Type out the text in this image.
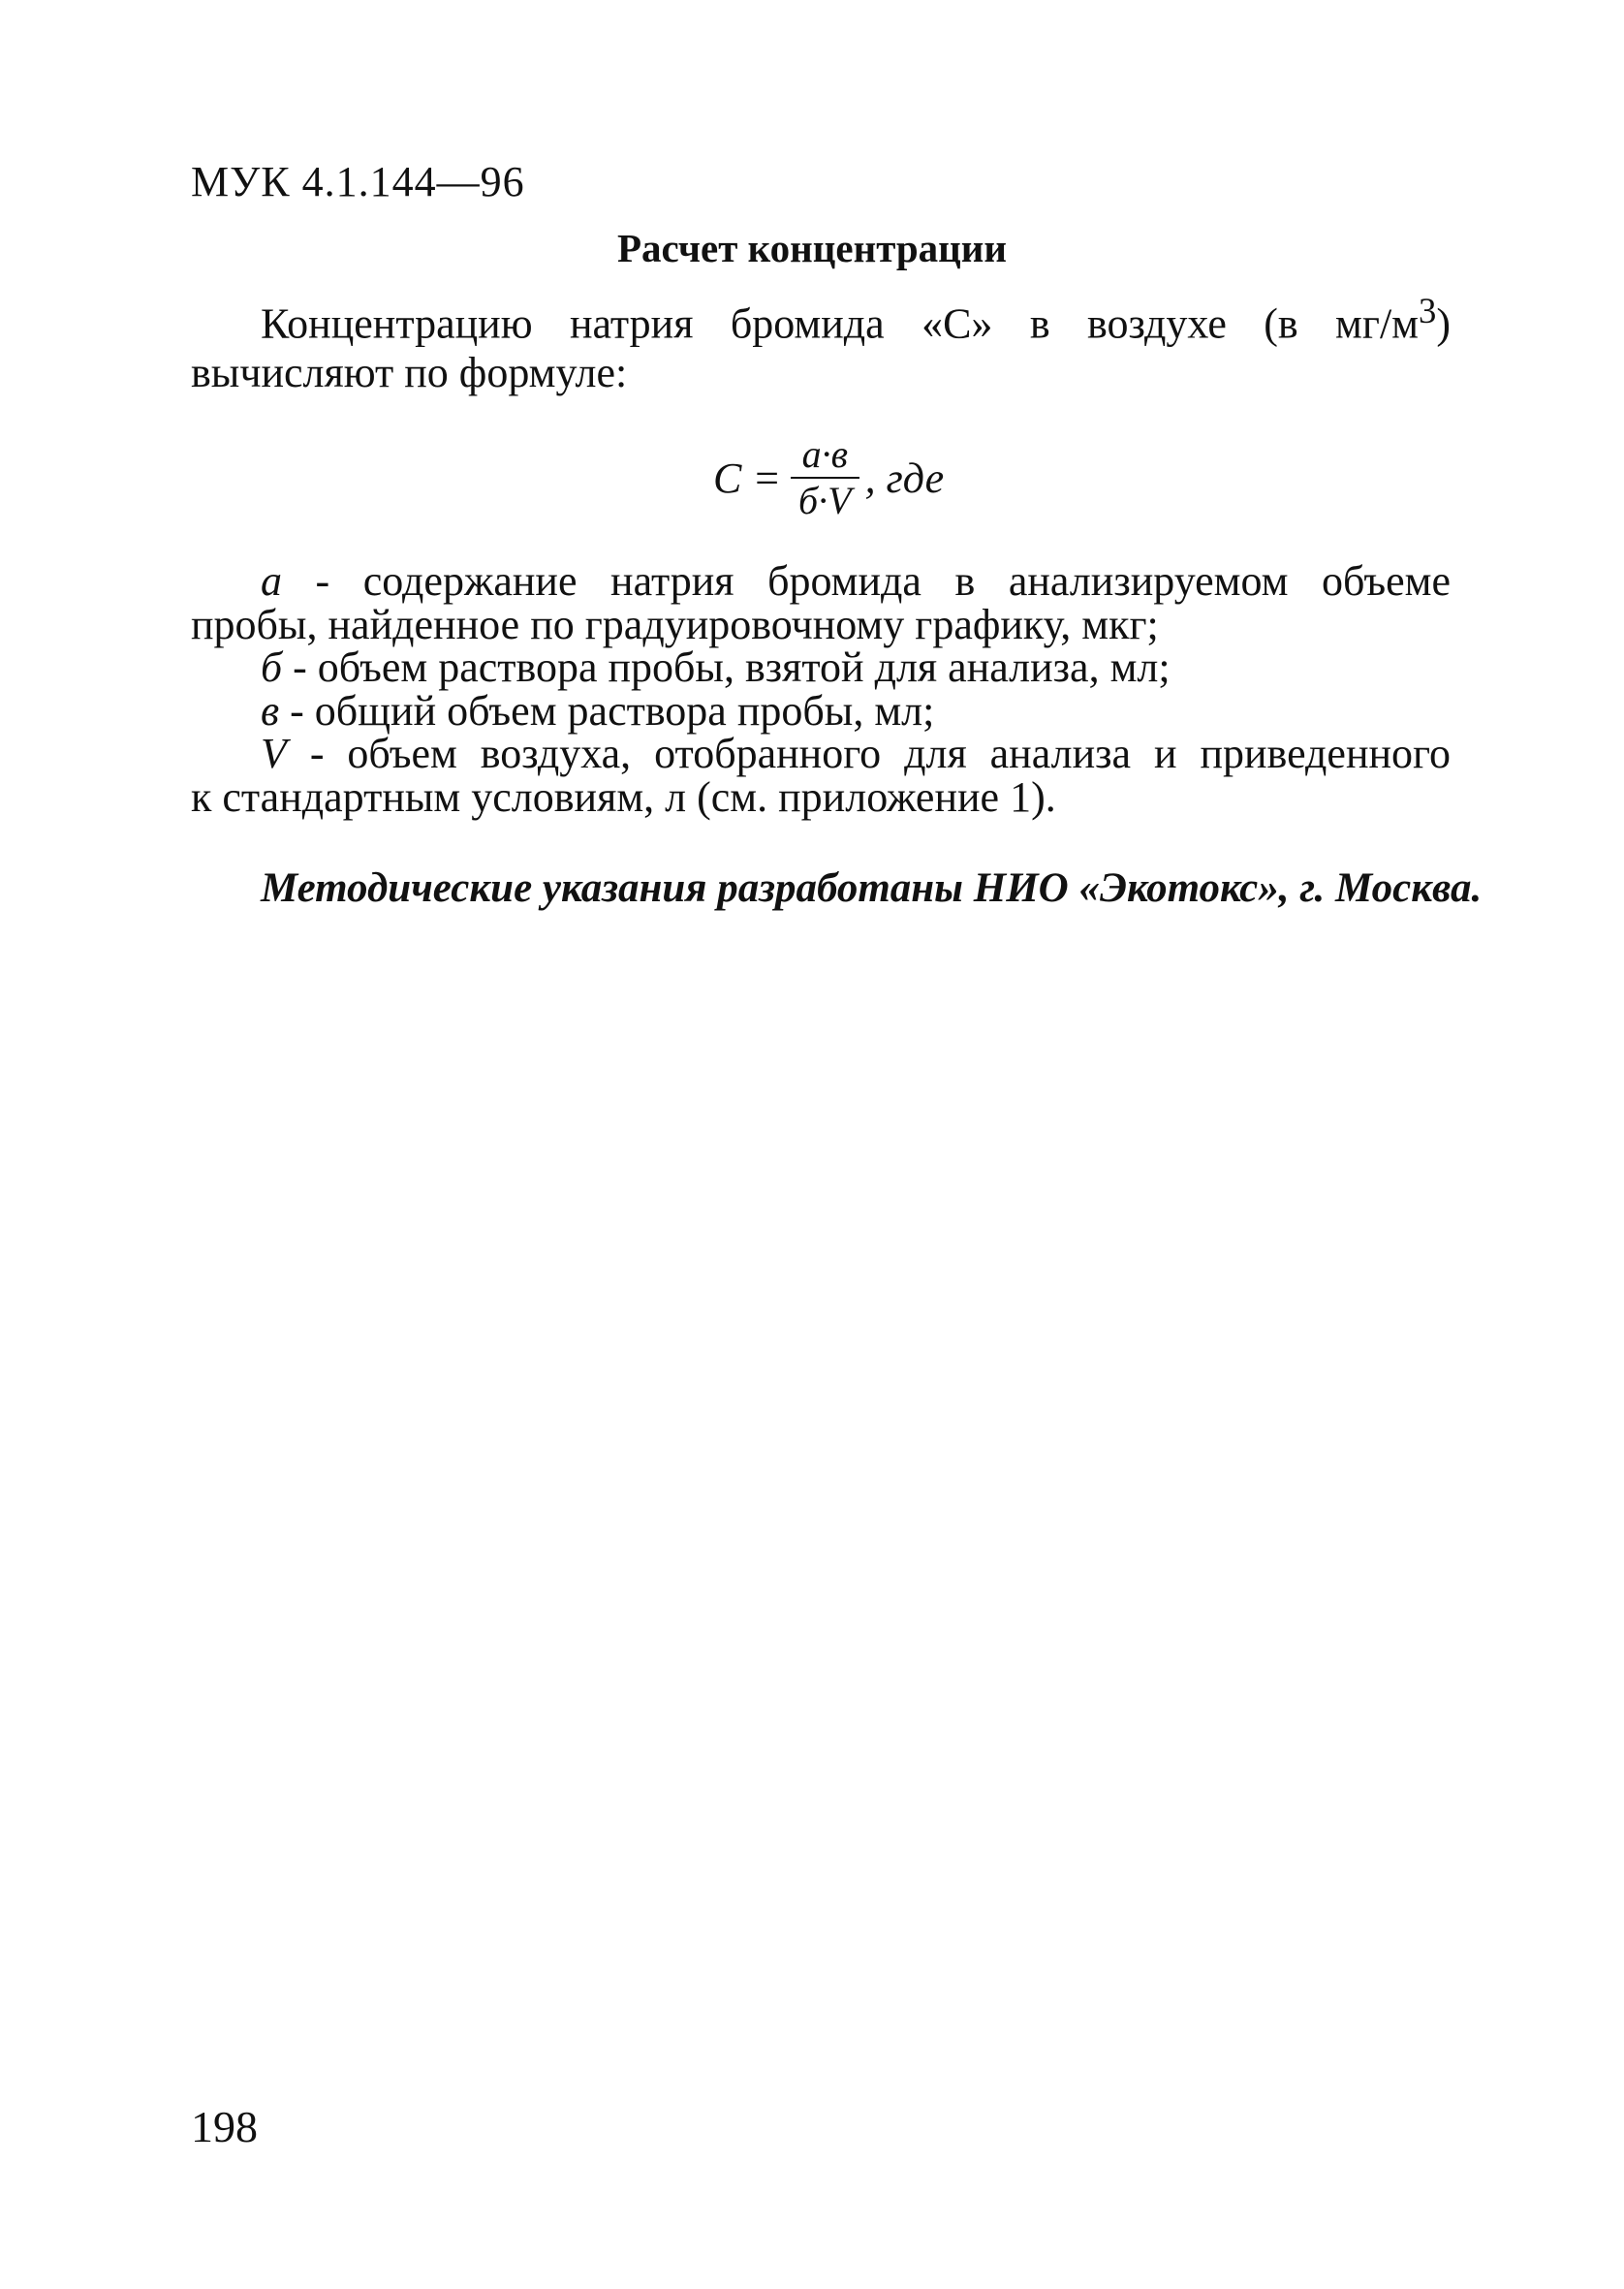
МУК 4.1.144—96
Расчет концентрации

Концентрацию натрия бромида «С» в воздухе (в $мг/м^3$)
вычисляют по формуле:

$С = \frac{а\cdot в}{б\cdot V}$ , где
а - содержание натрия бромида в анализируемом объеме
пробы, найденное по градуировочному графику, мкг;
б - объем раствора пробы, взятой для анализа, мл;
в - общий объем раствора пробы, мл;
V - объем воздуха, отобранного для анализа и приведенного
к стандартным условиям, л (см. приложение 1).
Методические указания разработаны НИО «Экотокс», г. Москва.
198
